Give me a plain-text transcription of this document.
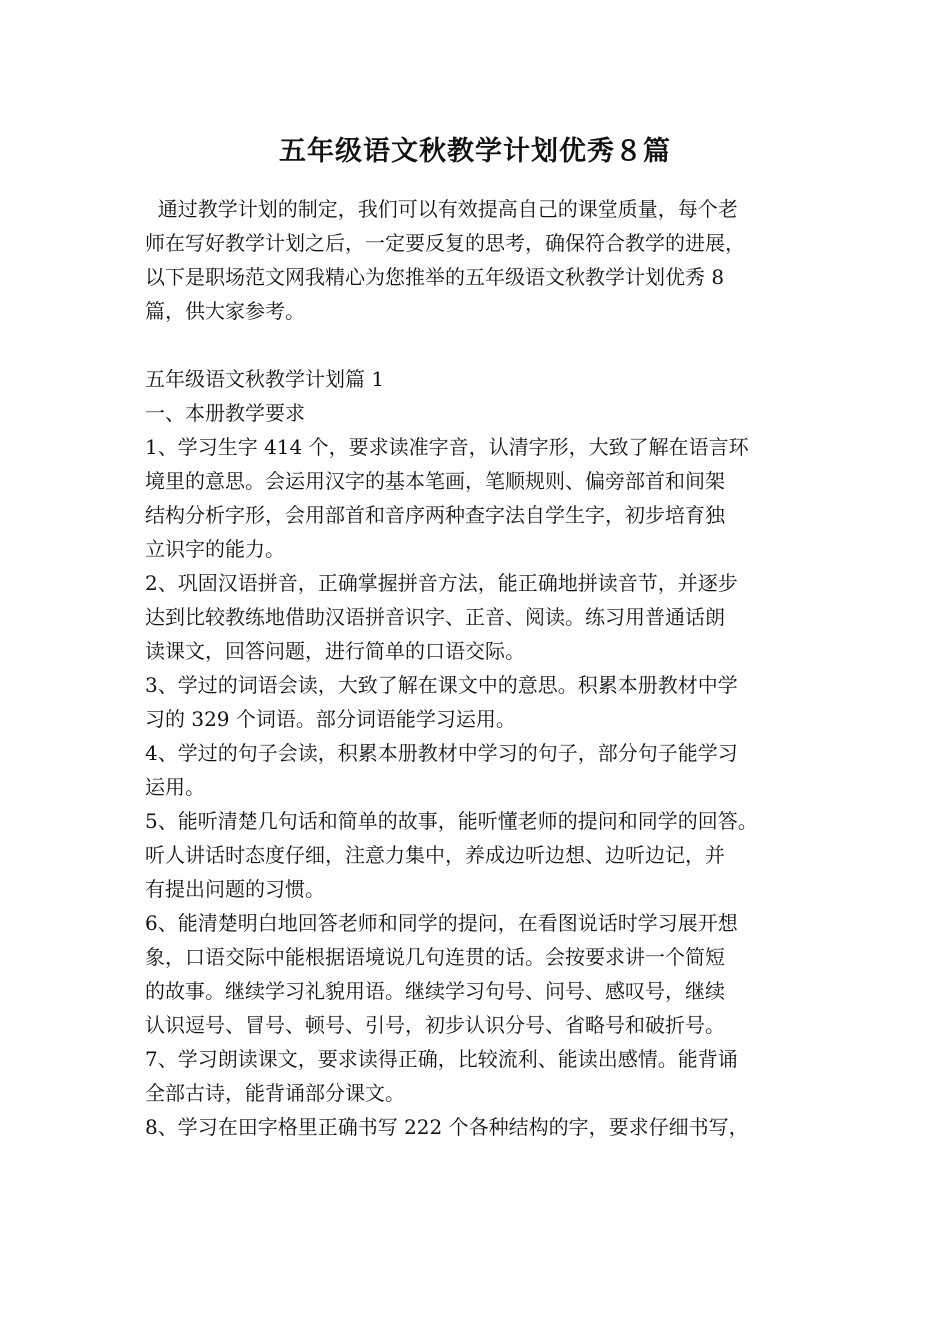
五年级语文秋教学计划优秀８篇
通过教学计划的制定，我们可以有效提高自己的课堂质量，每个老
师在写好教学计划之后，一定要反复的思考，确保符合教学的进展，
以下是职场范文网我精心为您推举的五年级语文秋教学计划优秀 8
篇，供大家参考。
五年级语文秋教学计划篇 1
一、本册教学要求
1、学习生字 414 个，要求读准字音，认清字形，大致了解在语言环
境里的意思。会运用汉字的基本笔画，笔顺规则、偏旁部首和间架
结构分析字形，会用部首和音序两种查字法自学生字，初步培育独
立识字的能力。
2、巩固汉语拼音，正确掌握拼音方法，能正确地拼读音节，并逐步
达到比较教练地借助汉语拼音识字、正音、阅读。练习用普通话朗
读课文，回答问题，进行简单的口语交际。
3、学过的词语会读，大致了解在课文中的意思。积累本册教材中学
习的 329 个词语。部分词语能学习运用。
4、学过的句子会读，积累本册教材中学习的句子，部分句子能学习
运用。
5、能听清楚几句话和简单的故事，能听懂老师的提问和同学的回答。
听人讲话时态度仔细，注意力集中，养成边听边想、边听边记，并
有提出问题的习惯。
6、能清楚明白地回答老师和同学的提问，在看图说话时学习展开想
象，口语交际中能根据语境说几句连贯的话。会按要求讲一个简短
的故事。继续学习礼貌用语。继续学习句号、问号、感叹号，继续
认识逗号、冒号、顿号、引号，初步认识分号、省略号和破折号。
7、学习朗读课文，要求读得正确，比较流利、能读出感情。能背诵
全部古诗，能背诵部分课文。
8、学习在田字格里正确书写 222 个各种结构的字，要求仔细书写，
